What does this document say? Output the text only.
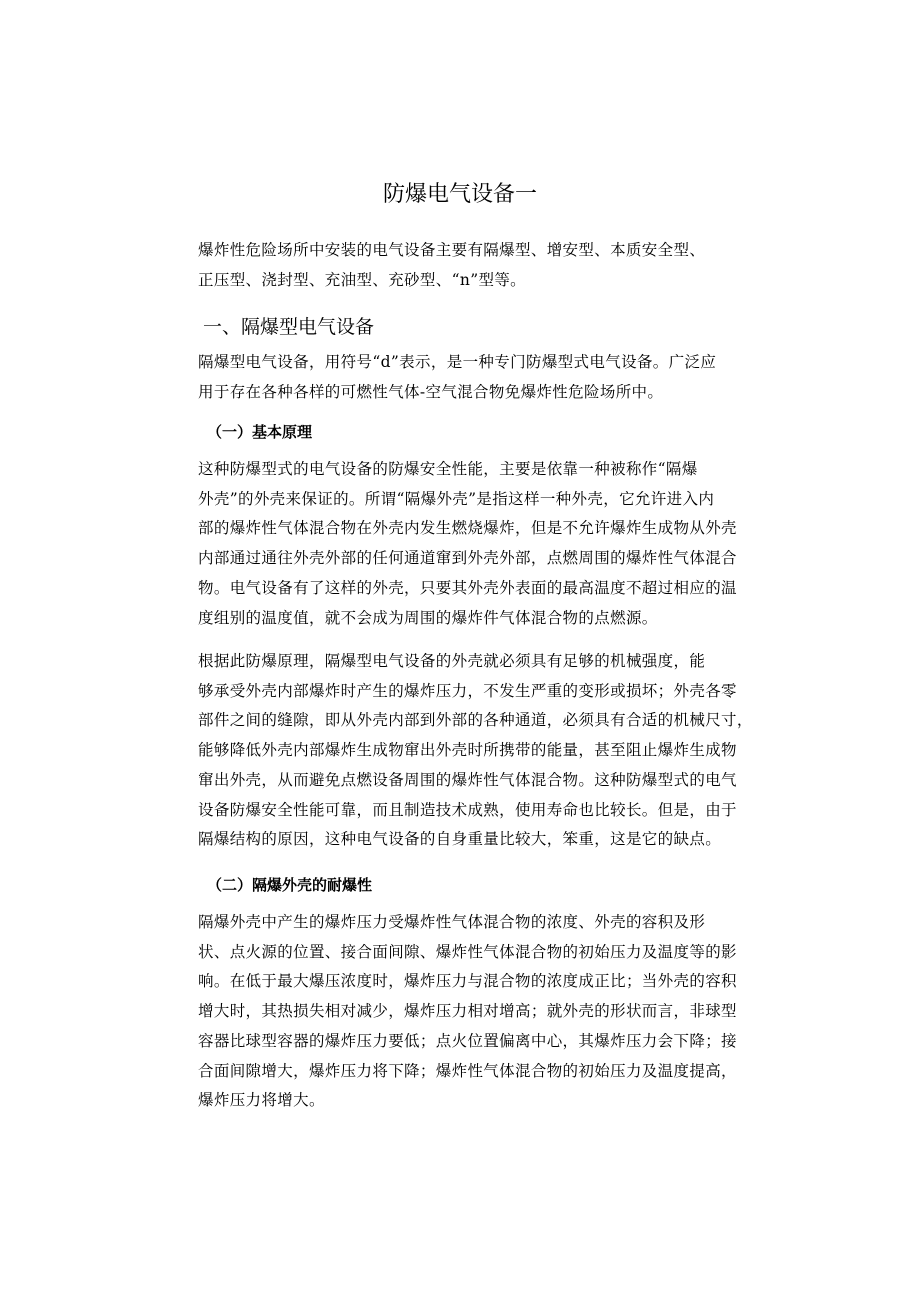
防爆电气设备一

爆炸性危险场所中安装的电气设备主要有隔爆型、增安型、本质安全型、
正压型、浇封型、充油型、充砂型、“n”型等。

一、隔爆型电气设备

隔爆型电气设备，用符号“d”表示，是一种专门防爆型式电气设备。广泛应
用于存在各种各样的可燃性气体-空气混合物免爆炸性危险场所中。

（一）基本原理

这种防爆型式的电气设备的防爆安全性能，主要是依靠一种被称作“隔爆
外壳”的外壳来保证的。所谓“隔爆外壳”是指这样一种外壳，它允许进入内
部的爆炸性气体混合物在外壳内发生燃烧爆炸，但是不允许爆炸生成物从外壳
内部通过通往外壳外部的任何通道窜到外壳外部，点燃周围的爆炸性气体混合
物。电气设备有了这样的外壳，只要其外壳外表面的最高温度不超过相应的温
度组别的温度值，就不会成为周围的爆炸件气体混合物的点燃源。

根据此防爆原理，隔爆型电气设备的外壳就必须具有足够的机械强度，能
够承受外壳内部爆炸时产生的爆炸压力，不发生严重的变形或损坏；外壳各零
部件之间的缝隙，即从外壳内部到外部的各种通道，必须具有合适的机械尺寸，
能够降低外壳内部爆炸生成物窜出外壳时所携带的能量，甚至阻止爆炸生成物
窜出外壳，从而避免点燃设备周围的爆炸性气体混合物。这种防爆型式的电气
设备防爆安全性能可靠，而且制造技术成熟，使用寿命也比较长。但是，由于
隔爆结构的原因，这种电气设备的自身重量比较大，笨重，这是它的缺点。

（二）隔爆外壳的耐爆性

隔爆外壳中产生的爆炸压力受爆炸性气体混合物的浓度、外壳的容积及形
状、点火源的位置、接合面间隙、爆炸性气体混合物的初始压力及温度等的影
响。在低于最大爆压浓度时，爆炸压力与混合物的浓度成正比；当外壳的容积
增大时，其热损失相对减少，爆炸压力相对增高；就外壳的形状而言，非球型
容器比球型容器的爆炸压力要低；点火位置偏离中心，其爆炸压力会下降；接
合面间隙增大，爆炸压力将下降；爆炸性气体混合物的初始压力及温度提高，
爆炸压力将增大。
